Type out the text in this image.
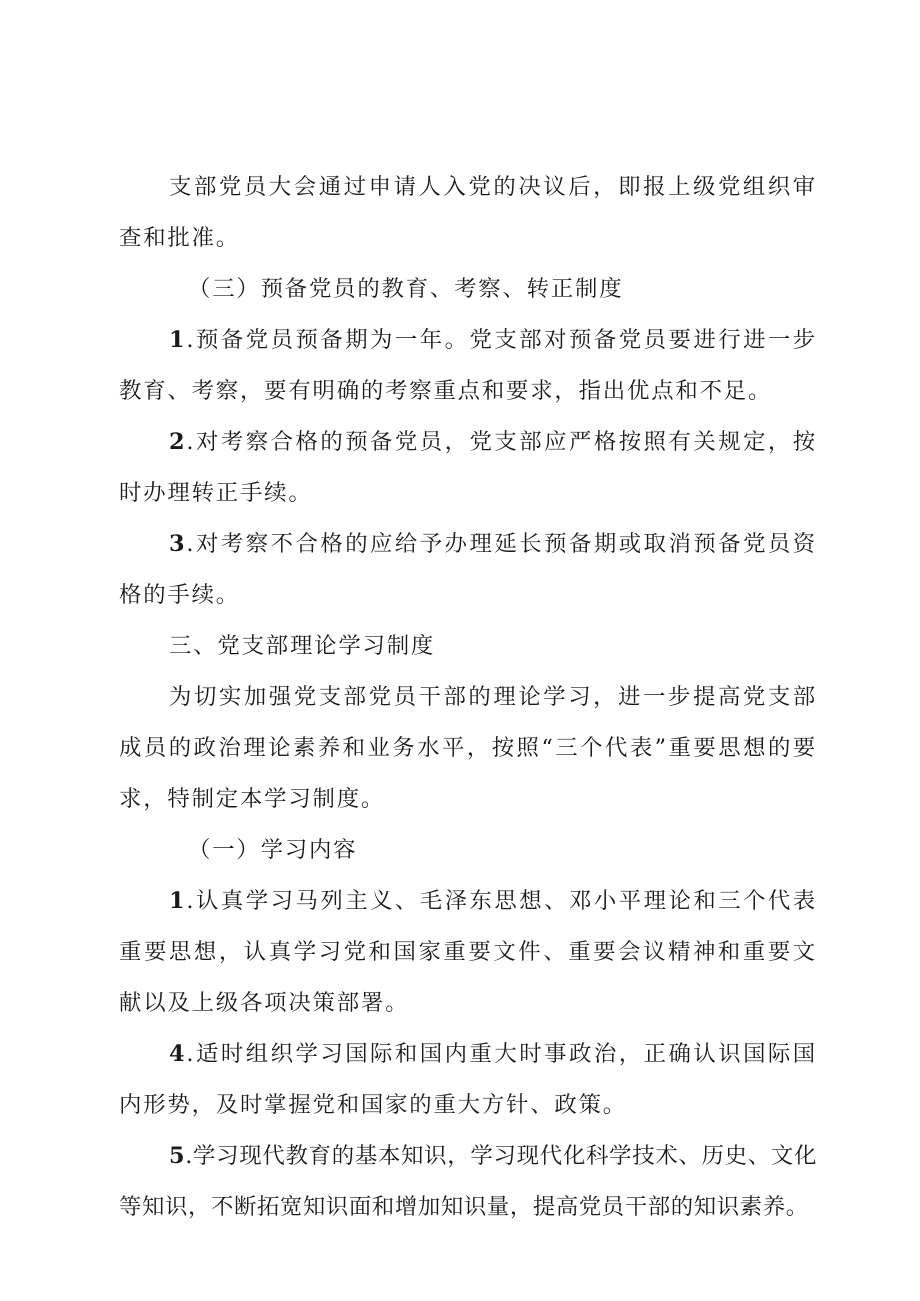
支部党员大会通过申请人入党的决议后，即报上级党组织审查和批准。

（三）预备党员的教育、考察、转正制度

1.预备党员预备期为一年。党支部对预备党员要进行进一步教育、考察，要有明确的考察重点和要求，指出优点和不足。

2.对考察合格的预备党员，党支部应严格按照有关规定，按时办理转正手续。

3.对考察不合格的应给予办理延长预备期或取消预备党员资格的手续。

三、党支部理论学习制度

为切实加强党支部党员干部的理论学习，进一步提高党支部成员的政治理论素养和业务水平，按照“三个代表”重要思想的要求，特制定本学习制度。

（一）学习内容

1.认真学习马列主义、毛泽东思想、邓小平理论和三个代表重要思想，认真学习党和国家重要文件、重要会议精神和重要文献以及上级各项决策部署。

4.适时组织学习国际和国内重大时事政治，正确认识国际国内形势，及时掌握党和国家的重大方针、政策。

5.学习现代教育的基本知识，学习现代化科学技术、历史、文化等知识，不断拓宽知识面和增加知识量，提高党员干部的知识素养。
